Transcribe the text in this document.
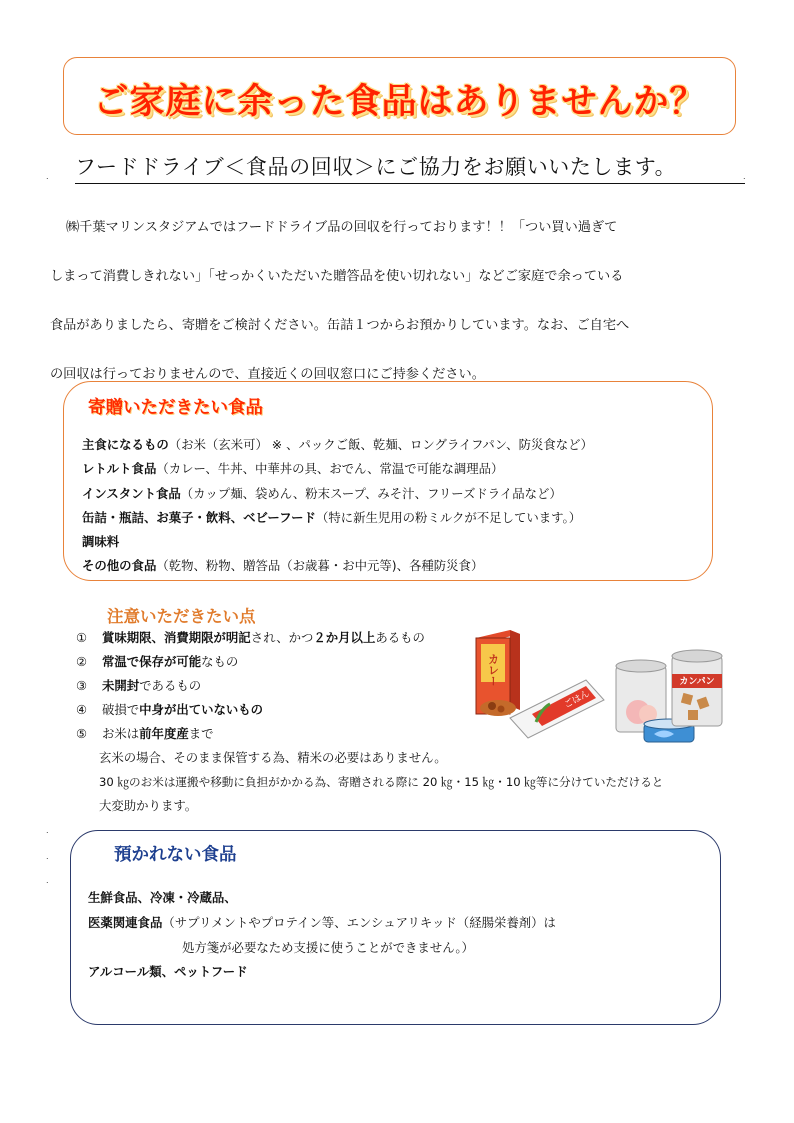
ご家庭に余った食品はありませんか？
. フードドライブ＜食品の回収＞にご協力をお願いいたします。	.

㈱千葉マリンスタジアムではフードドライブ品の回収を行っております！！「つい買い過ぎて

しまって消費しきれない」「せっかくいただいた贈答品を使い切れない」などご家庭で余っている

食品がありましたら、寄贈をご検討ください。缶詰１つからお預かりしています。なお、ご自宅へ

の回収は行っておりませんので、直接近くの回収窓口にご持参ください。

寄贈いただきたい食品
主食になるもの（お米（玄米可） ※ 、パックご飯、乾麺、ロングライフパン、防災食など）
レトルト食品（カレー、牛丼、中華丼の具、おでん、常温で可能な調理品）
インスタント食品（カップ麺、袋めん、粉末スープ、みそ汁、フリーズドライ品など）
缶詰・瓶詰、お菓子・飲料、ベビーフード（特に新生児用の粉ミルクが不足しています。）
調味料
その他の食品（乾物、粉物、贈答品（お歳暮・お中元等)、各種防災食）
注意いただきたい点
① 賞味期限、消費期限が明記され、かつ２か月以上あるもの
② 常温で保存が可能なもの
③ 未開封であるもの
④ 破損で中身が出ていないもの
⑤ お米は前年度産まで
玄米の場合、そのまま保管する為、精米の必要はありません。
30 ㎏のお米は運搬や移動に負担がかかる為、寄贈される際に 20 ㎏・15 ㎏・10 ㎏等に分けていただけると
大変助かります。
カレー
ごはん
カンパン
.
.
.
預かれない食品
生鮮食品、冷凍・冷蔵品、
医薬関連食品（サプリメントやプロテイン等、エンシュアリキッド（経腸栄養剤）は
処方箋が必要なため支援に使うことができません。）
アルコール類、ペットフード
